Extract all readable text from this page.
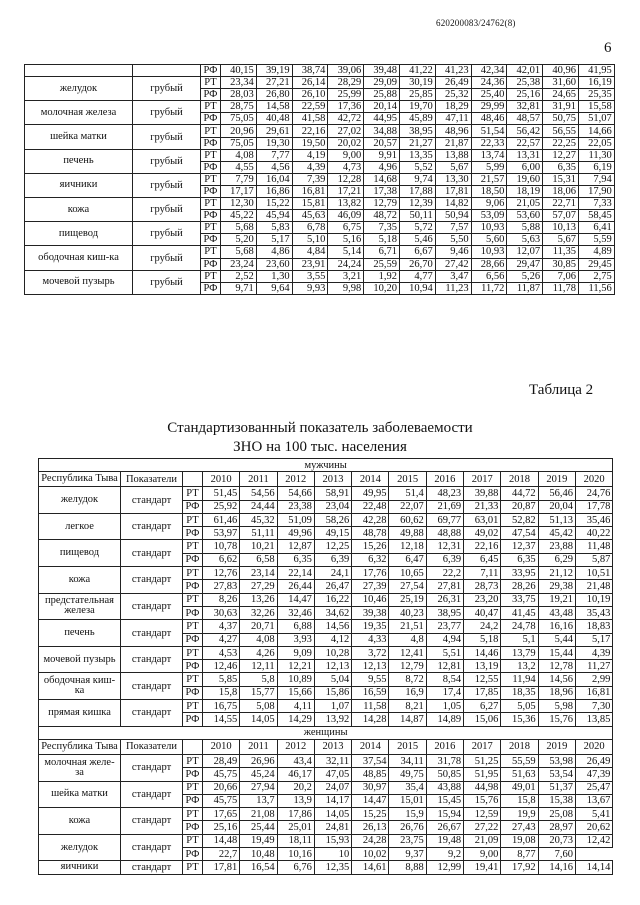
620200083/24762(8)
6
		РФ	40,15	39,19	38,74	39,06	39,48	41,22	41,23	42,34	42,01	40,96	41,95
желудок	грубый	РТ	23,34	27,21	26,14	28,29	29,09	30,19	26,49	24,36	25,38	31,60	16,19
		РФ	28,03	26,80	26,10	25,99	25,88	25,85	25,32	25,40	25,16	24,65	25,35
молочная железа	грубый	РТ	28,75	14,58	22,59	17,36	20,14	19,70	18,29	29,99	32,81	31,91	15,58
		РФ	75,05	40,48	41,58	42,72	44,95	45,89	47,11	48,46	48,57	50,75	51,07
шейка матки	грубый	РТ	20,96	29,61	22,16	27,02	34,88	38,95	48,96	51,54	56,42	56,55	14,66
		РФ	75,05	19,30	19,50	20,02	20,57	21,27	21,87	22,33	22,57	22,25	22,05
печень	грубый	РТ	4,08	7,77	4,19	9,00	9,91	13,35	13,88	13,74	13,31	12,27	11,30
		РФ	4,55	4,56	4,39	4,73	4,96	5,52	5,67	5,99	6,00	6,35	6,19
яичники	грубый	РТ	7,79	16,04	7,39	12,28	14,68	9,74	13,30	21,57	19,60	15,31	7,94
		РФ	17,17	16,86	16,81	17,21	17,38	17,88	17,81	18,50	18,19	18,06	17,90
кожа	грубый	РТ	12,30	15,22	15,81	13,82	12,79	12,39	14,82	9,06	21,05	22,71	7,33
		РФ	45,22	45,94	45,63	46,09	48,72	50,11	50,94	53,09	53,60	57,07	58,45
пищевод	грубый	РТ	5,68	5,83	6,78	6,75	7,35	5,72	7,57	10,93	5,88	10,13	6,41
		РФ	5,20	5,17	5,10	5,16	5,18	5,46	5,50	5,60	5,63	5,67	5,59
ободочная киш-ка	грубый	РТ	5,68	4,86	4,84	5,14	6,71	6,67	9,46	10,93	12,07	11,35	4,89
		РФ	23,24	23,60	23,91	24,24	25,59	26,70	27,42	28,66	29,47	30,85	29,45
мочевой пузырь	грубый	РТ	2,52	1,30	3,55	3,21	1,92	4,77	3,47	6,56	5,26	7,06	2,75
		РФ	9,71	9,64	9,93	9,98	10,20	10,94	11,23	11,72	11,87	11,78	11,56
Таблица 2
Стандартизованный показатель заболеваемости
ЗНО на 100 тыс. населения
мужчины													
Республика Тыва	Показатели		2010	2011	2012	2013	2014	2015	2016	2017	2018	2019	2020
желудок	стандарт	РТ	51,45	54,56	54,66	58,91	49,95	51,4	48,23	39,88	44,72	56,46	24,76
		РФ	25,92	24,44	23,38	23,04	22,48	22,07	21,69	21,33	20,87	20,04	17,78
легкое	стандарт	РТ	61,46	45,32	51,09	58,26	42,28	60,62	69,77	63,01	52,82	51,13	35,46
		РФ	53,97	51,11	49,96	49,15	48,78	49,88	48,88	49,02	47,54	45,42	40,22
пищевод	стандарт	РТ	10,78	10,21	12,87	12,25	15,26	12,18	12,31	22,16	12,37	23,88	11,48
		РФ	6,62	6,58	6,35	6,39	6,32	6,47	6,39	6,45	6,35	6,29	5,87
кожа	стандарт	РТ	12,76	23,14	22,14	24,1	17,76	10,65	22,2	7,11	33,95	21,12	10,51
		РФ	27,83	27,29	26,44	26,47	27,39	27,54	27,81	28,73	28,26	29,38	21,48
предстательная железа	стандарт	РТ	8,26	13,26	14,47	16,22	10,46	25,19	26,31	23,20	33,75	19,21	10,19
		РФ	30,63	32,26	32,46	34,62	39,38	40,23	38,95	40,47	41,45	43,48	35,43
печень	стандарт	РТ	4,37	20,71	6,88	14,56	19,35	21,51	23,77	24,2	24,78	16,16	18,83
		РФ	4,27	4,08	3,93	4,12	4,33	4,8	4,94	5,18	5,1	5,44	5,17
мочевой пузырь	стандарт	РТ	4,53	4,26	9,09	10,28	3,72	12,41	5,51	14,46	13,79	15,44	4,39
		РФ	12,46	12,11	12,21	12,13	12,13	12,79	12,81	13,19	13,2	12,78	11,27
ободочная киш-ка	стандарт	РТ	5,85	5,8	10,89	5,04	9,55	8,72	8,54	12,55	11,94	14,56	2,99
		РФ	15,8	15,77	15,66	15,86	16,59	16,9	17,4	17,85	18,35	18,96	16,81
прямая кишка	стандарт	РТ	16,75	5,08	4,11	1,07	11,58	8,21	1,05	6,27	5,05	5,98	7,30
		РФ	14,55	14,05	14,29	13,92	14,28	14,87	14,89	15,06	15,36	15,76	13,85
женщины													
Республика Тыва	Показатели		2010	2011	2012	2013	2014	2015	2016	2017	2018	2019	2020
молочная желе-за	стандарт	РТ	28,49	26,96	43,4	32,11	37,54	34,11	31,78	51,25	55,59	53,98	26,49
		РФ	45,75	45,24	46,17	47,05	48,85	49,75	50,85	51,95	51,63	53,54	47,39
шейка матки	стандарт	РТ	20,66	27,94	20,2	24,07	30,97	35,4	43,88	44,98	49,01	51,37	25,47
		РФ	45,75	13,7	13,9	14,17	14,47	15,01	15,45	15,76	15,8	15,38	13,67
кожа	стандарт	РТ	17,65	21,08	17,86	14,05	15,25	15,9	15,94	12,59	19,9	25,08	5,41
		РФ	25,16	25,44	25,01	24,81	26,13	26,76	26,67	27,22	27,43	28,97	20,62
желудок	стандарт	РТ	14,48	19,49	18,11	15,93	24,28	23,75	19,48	21,09	19,08	20,73	12,42
		РФ	22,7	10,48	10,16	10	10,02	9,37	9,2	9,00	8,77	7,60	
яичники	стандарт	РТ	17,81	16,54	6,76	12,35	14,61	8,88	12,99	19,41	17,92	14,16	14,14
